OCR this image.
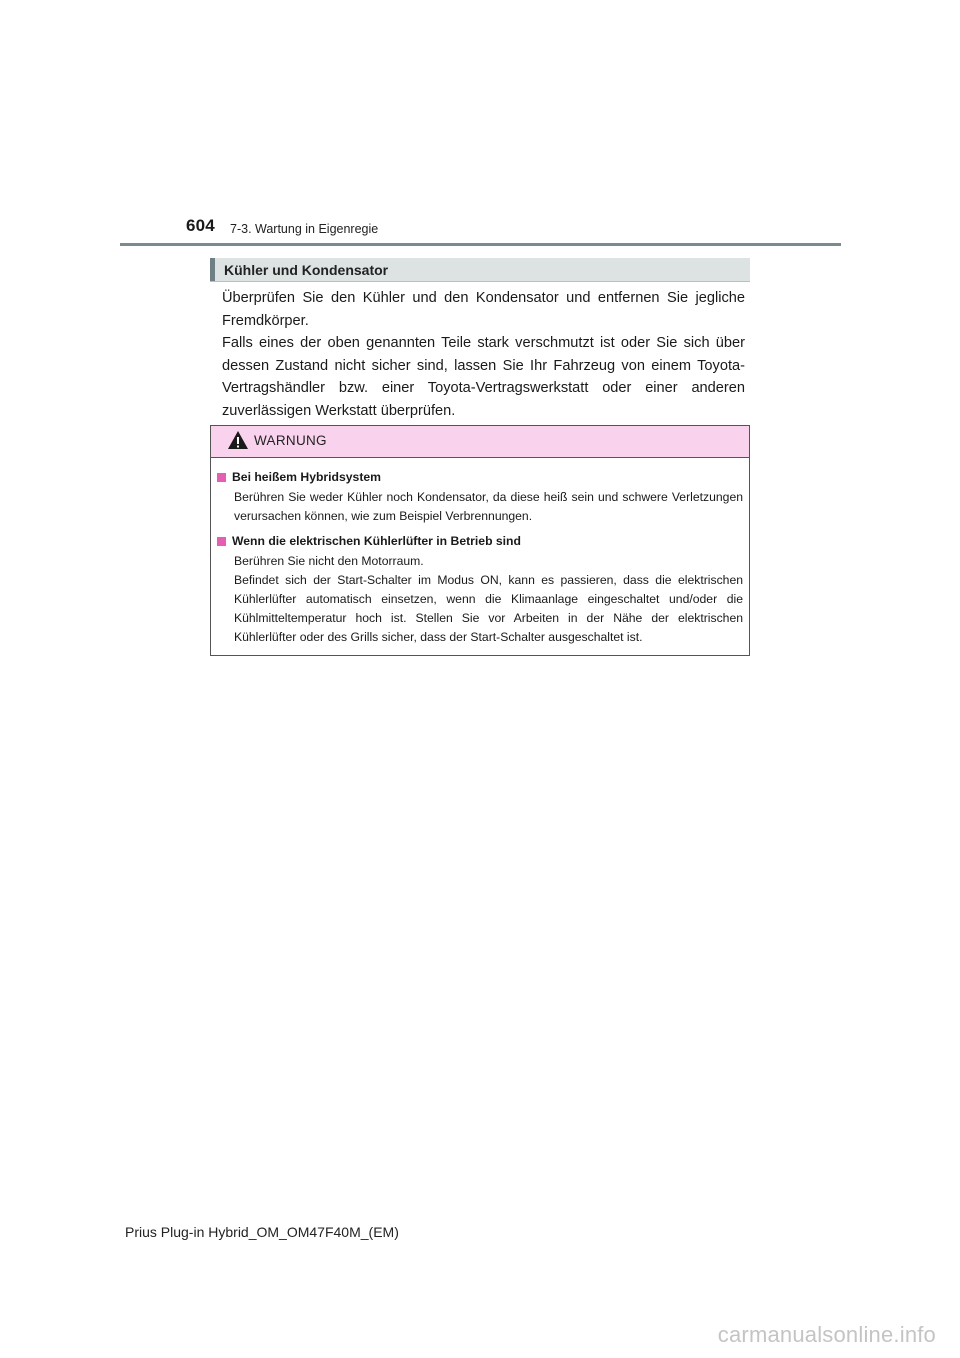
604 7-3. Wartung in Eigenregie
Kühler und Kondensator

Überprüfen Sie den Kühler und den Kondensator und entfernen Sie jegliche Fremdkörper.

Falls eines der oben genannten Teile stark verschmutzt ist oder Sie sich über dessen Zustand nicht sicher sind, lassen Sie Ihr Fahrzeug von einem Toyota-Vertragshändler bzw. einer Toyota-Vertragswerkstatt oder einer anderen zuverlässigen Werkstatt überprüfen.

WARNUNG
Bei heißem Hybridsystem

Berühren Sie weder Kühler noch Kondensator, da diese heiß sein und schwere Verletzungen verursachen können, wie zum Beispiel Verbrennungen.

Wenn die elektrischen Kühlerlüfter in Betrieb sind

Berühren Sie nicht den Motorraum.

Befindet sich der Start-Schalter im Modus ON, kann es passieren, dass die elektrischen Kühlerlüfter automatisch einsetzen, wenn die Klimaanlage eingeschaltet und/oder die Kühlmitteltemperatur hoch ist. Stellen Sie vor Arbeiten in der Nähe der elektrischen Kühlerlüfter oder des Grills sicher, dass der Start-Schalter ausgeschaltet ist.

Prius Plug-in Hybrid_OM_OM47F40M_(EM)
carmanualsonline.info
